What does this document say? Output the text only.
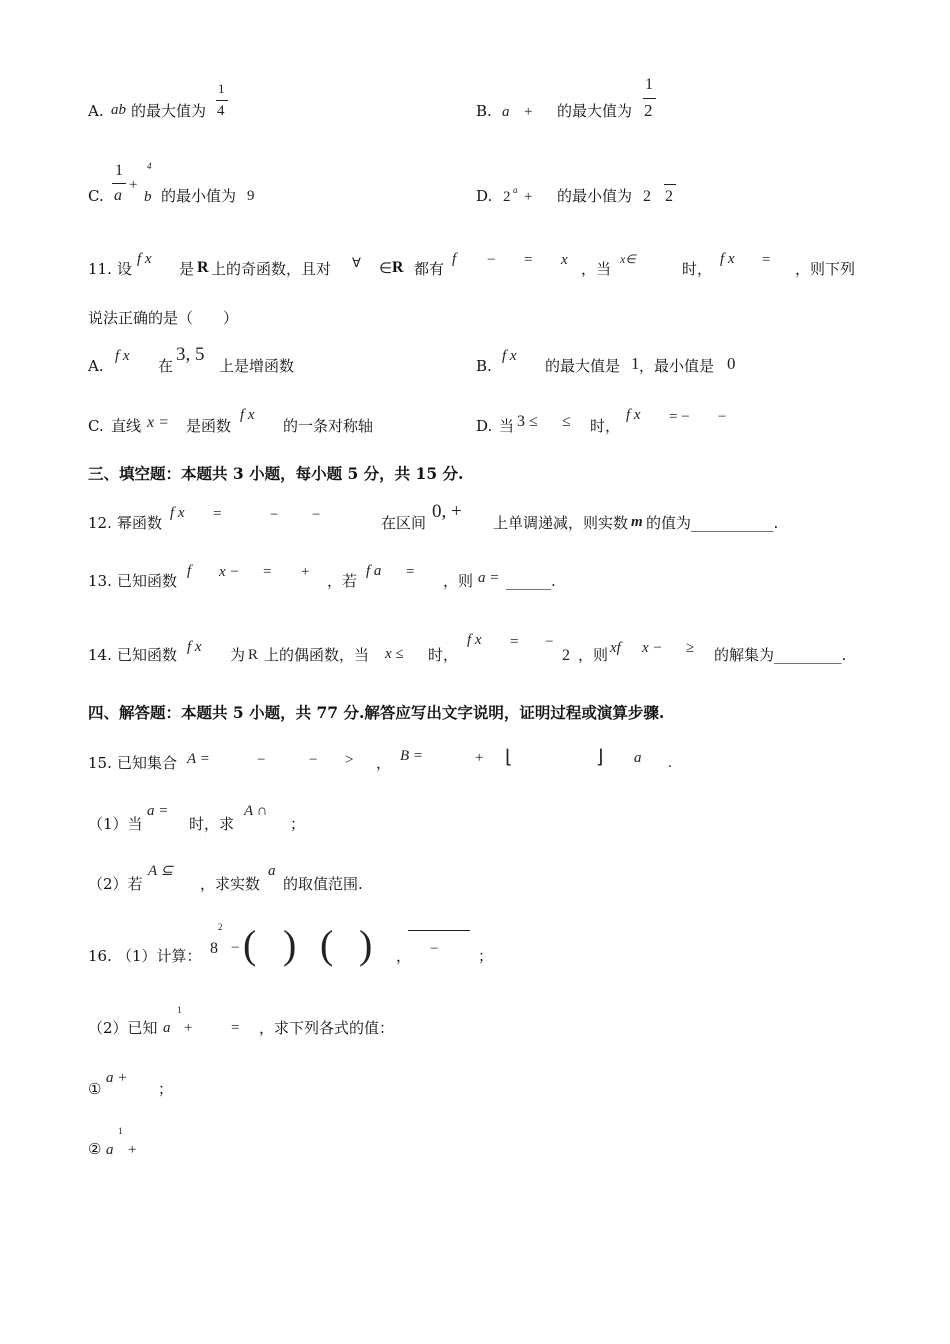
A. ab 的最大值为
1
4	B. a + 的最大值为
1
2
C.
1
a
+
4
b 的最小值为 9	D. 2 a + 的最小值为 2 2
11. 设
f x
是 R 上的奇函数，且对 ∀ ∈ R 都有
f − = x ，当
x∈
时，
f x = ，则下列
说法正确的是（　　）
A.
f x
在
3, 5
上是增函数	B.
f x
的最大值是 1 ，最小值是 0
C. 直线 x = 是函数
f x
的一条对称轴	D. 当 3 ≤ ≤ 时，
f x = − −
三、填空题：本题共 3 小题，每小题 5 分，共 15 分.
12. 幂函数
f x =	− −	在区间
0, +
上单调递减，则实数 m 的值为___________.
13. 已知函数
f x − = + ，若
f a = ，则 a = ______.
14. 已知函数 f x 为 R 上的偶函数，当 x ≤ 时，
f x = −
2 ，则 xf x − ≥ 的解集为_________.
四、解答题：本题共 5 小题，共 77 分.解答应写出文字说明，证明过程或演算步骤.
15. 已知集合 A =	−	− > ， B =	+ ⌊	⌋ a .
（1）当
a =
时，求
A ∩
；
（2）若
A ⊆
，求实数
a
的取值范围.
16. （1）计算：
2
8 − ( ) ( ) ， −	；
（2）已知
1
a +	= ，求下列各式的值：
①
a +
；
②
1
a +
